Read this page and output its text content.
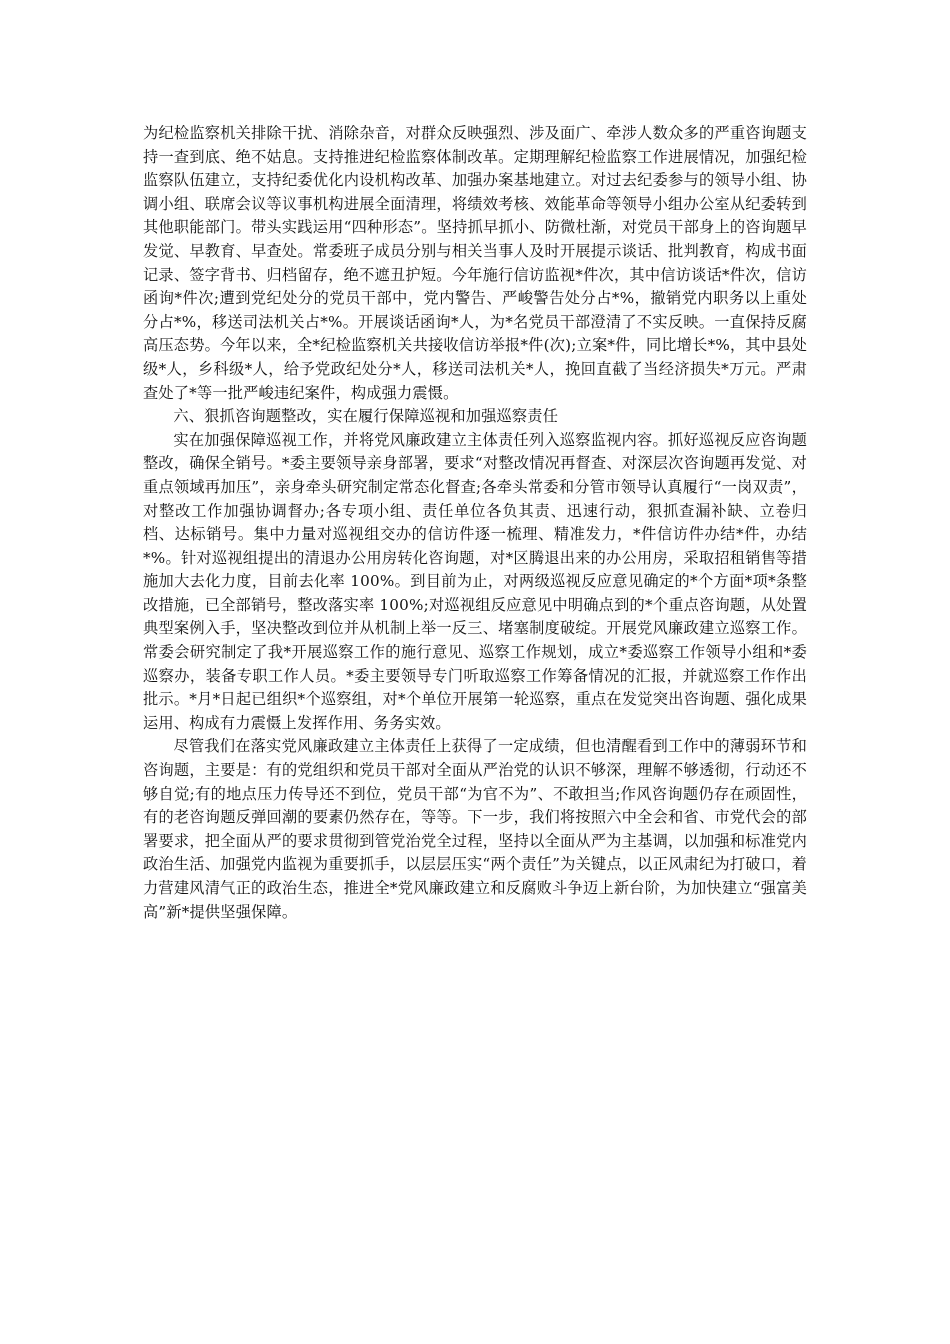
为纪检监察机关排除干扰、消除杂音，对群众反映强烈、涉及面广、牵涉人数众多的严重咨询题支持一查到底、绝不姑息。支持推进纪检监察体制改革。定期理解纪检监察工作进展情况，加强纪检监察队伍建立，支持纪委优化内设机构改革、加强办案基地建立。对过去纪委参与的领导小组、协调小组、联席会议等议事机构进展全面清理，将绩效考核、效能革命等领导小组办公室从纪委转到其他职能部门。带头实践运用“四种形态”。坚持抓早抓小、防微杜渐，对党员干部身上的咨询题早发觉、早教育、早查处。常委班子成员分别与相关当事人及时开展提示谈话、批判教育，构成书面记录、签字背书、归档留存，绝不遮丑护短。今年施行信访监视*件次，其中信访谈话*件次，信访函询*件次;遭到党纪处分的党员干部中，党内警告、严峻警告处分占*%，撤销党内职务以上重处分占*%，移送司法机关占*%。开展谈话函询*人，为*名党员干部澄清了不实反映。一直保持反腐高压态势。今年以来，全*纪检监察机关共接收信访举报*件(次);立案*件，同比增长*%，其中县处级*人，乡科级*人，给予党政纪处分*人，移送司法机关*人，挽回直截了当经济损失*万元。严肃查处了*等一批严峻违纪案件，构成强力震慑。

六、狠抓咨询题整改，实在履行保障巡视和加强巡察责任

实在加强保障巡视工作，并将党风廉政建立主体责任列入巡察监视内容。抓好巡视反应咨询题整改，确保全销号。*委主要领导亲身部署，要求“对整改情况再督查、对深层次咨询题再发觉、对重点领域再加压”，亲身牵头研究制定常态化督查;各牵头常委和分管市领导认真履行“一岗双责”，对整改工作加强协调督办;各专项小组、责任单位各负其责、迅速行动，狠抓查漏补缺、立卷归档、达标销号。集中力量对巡视组交办的信访件逐一梳理、精准发力，*件信访件办结*件，办结*%。针对巡视组提出的清退办公用房转化咨询题，对*区腾退出来的办公用房，采取招租销售等措施加大去化力度，目前去化率 100%。到目前为止，对两级巡视反应意见确定的*个方面*项*条整改措施，已全部销号，整改落实率 100%;对巡视组反应意见中明确点到的*个重点咨询题，从处置典型案例入手，坚决整改到位并从机制上举一反三、堵塞制度破绽。开展党风廉政建立巡察工作。常委会研究制定了我*开展巡察工作的施行意见、巡察工作规划，成立*委巡察工作领导小组和*委巡察办，装备专职工作人员。*委主要领导专门听取巡察工作筹备情况的汇报，并就巡察工作作出批示。*月*日起已组织*个巡察组，对*个单位开展第一轮巡察，重点在发觉突出咨询题、强化成果运用、构成有力震慑上发挥作用、务务实效。

尽管我们在落实党风廉政建立主体责任上获得了一定成绩，但也清醒看到工作中的薄弱环节和咨询题，主要是：有的党组织和党员干部对全面从严治党的认识不够深，理解不够透彻，行动还不够自觉;有的地点压力传导还不到位，党员干部“为官不为”、不敢担当;作风咨询题仍存在顽固性，有的老咨询题反弹回潮的要素仍然存在，等等。下一步，我们将按照六中全会和省、市党代会的部署要求，把全面从严的要求贯彻到管党治党全过程，坚持以全面从严为主基调，以加强和标准党内政治生活、加强党内监视为重要抓手，以层层压实“两个责任”为关键点，以正风肃纪为打破口，着力营建风清气正的政治生态，推进全*党风廉政建立和反腐败斗争迈上新台阶，为加快建立“强富美高”新*提供坚强保障。
